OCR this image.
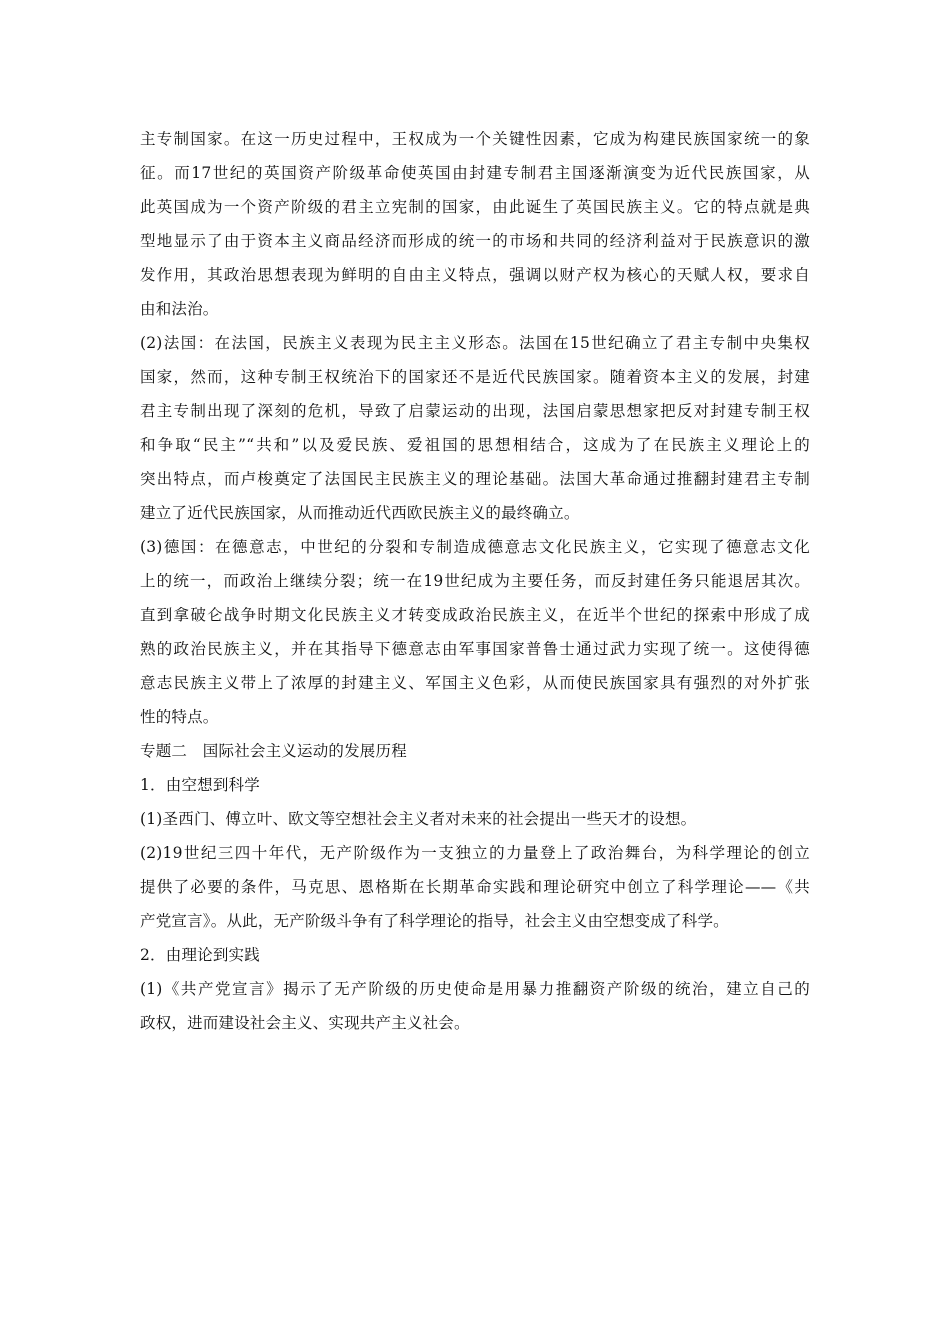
主专制国家。在这一历史过程中，王权成为一个关键性因素，它成为构建民族国家统一的象

征。而17世纪的英国资产阶级革命使英国由封建专制君主国逐渐演变为近代民族国家，从

此英国成为一个资产阶级的君主立宪制的国家，由此诞生了英国民族主义。它的特点就是典

型地显示了由于资本主义商品经济而形成的统一的市场和共同的经济利益对于民族意识的激

发作用，其政治思想表现为鲜明的自由主义特点，强调以财产权为核心的天赋人权，要求自

由和法治。

(2)法国：在法国，民族主义表现为民主主义形态。法国在15世纪确立了君主专制中央集权

国家，然而，这种专制王权统治下的国家还不是近代民族国家。随着资本主义的发展，封建

君主专制出现了深刻的危机，导致了启蒙运动的出现，法国启蒙思想家把反对封建专制王权

和争取“民主”“共和”以及爱民族、爱祖国的思想相结合，这成为了在民族主义理论上的

突出特点，而卢梭奠定了法国民主民族主义的理论基础。法国大革命通过推翻封建君主专制

建立了近代民族国家，从而推动近代西欧民族主义的最终确立。

(3)德国：在德意志，中世纪的分裂和专制造成德意志文化民族主义，它实现了德意志文化

上的统一，而政治上继续分裂；统一在19世纪成为主要任务，而反封建任务只能退居其次。

直到拿破仑战争时期文化民族主义才转变成政治民族主义，在近半个世纪的探索中形成了成

熟的政治民族主义，并在其指导下德意志由军事国家普鲁士通过武力实现了统一。这使得德

意志民族主义带上了浓厚的封建主义、军国主义色彩，从而使民族国家具有强烈的对外扩张

性的特点。

专题二　国际社会主义运动的发展历程

1．由空想到科学

(1)圣西门、傅立叶、欧文等空想社会主义者对未来的社会提出一些天才的设想。

(2)19世纪三四十年代，无产阶级作为一支独立的力量登上了政治舞台，为科学理论的创立

提供了必要的条件，马克思、恩格斯在长期革命实践和理论研究中创立了科学理论——《共

产党宣言》。从此，无产阶级斗争有了科学理论的指导，社会主义由空想变成了科学。

2．由理论到实践

(1)《共产党宣言》揭示了无产阶级的历史使命是用暴力推翻资产阶级的统治，建立自己的

政权，进而建设社会主义、实现共产主义社会。
